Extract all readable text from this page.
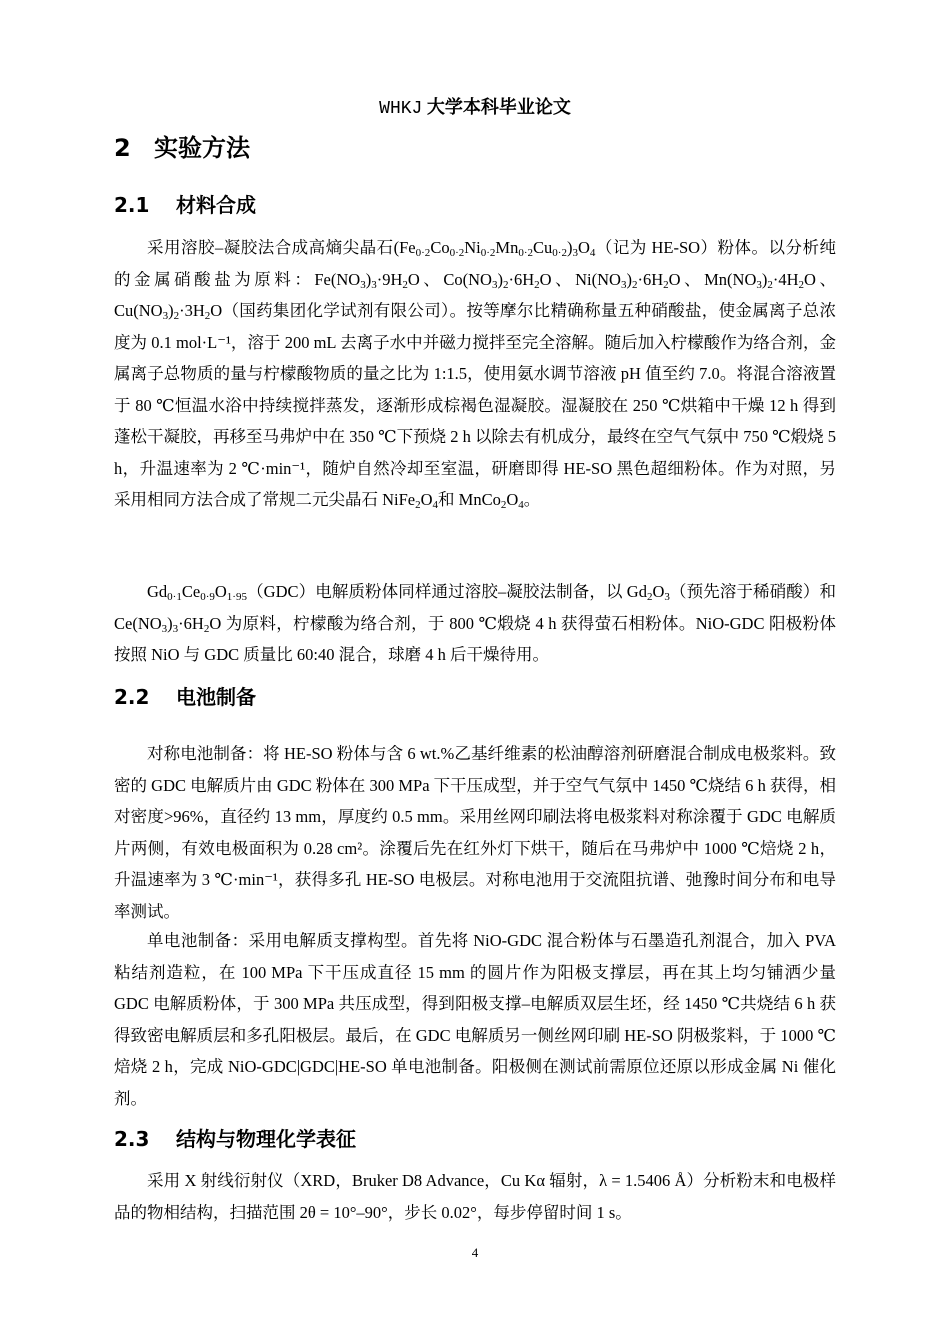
WHKJ 大学本科毕业论文
2 实验方法
2.1 材料合成

采用溶胶–凝胶法合成高熵尖晶石$(Fe_{0\cdot 2}Co_{0\cdot 2}Ni_{0\cdot 2}Mn_{0\cdot 2}Cu_{0\cdot 2})_3O_4$（记为 HE-SO）粉体。以分析纯的金属硝酸盐为原料：$Fe(NO_3)_3\cdot 9H_2O$、$Co(NO_3)_2\cdot 6H_2O$、$Ni(NO_3)_2\cdot 6H_2O$、$Mn(NO_3)_2\cdot 4H_2O$、$Cu(NO_3)_2\cdot 3H_2O$（国药集团化学试剂有限公司）。按等摩尔比精确称量五种硝酸盐，使金属离子总浓度为 0.1 mol·L⁻¹，溶于 200 mL 去离子水中并磁力搅拌至完全溶解。随后加入柠檬酸作为络合剂，金属离子总物质的量与柠檬酸物质的量之比为 1:1.5，使用氨水调节溶液 pH 值至约 7.0。将混合溶液置于 80 ℃恒温水浴中持续搅拌蒸发，逐渐形成棕褐色湿凝胶。湿凝胶在 250 ℃烘箱中干燥 12 h 得到蓬松干凝胶，再移至马弗炉中在 350 ℃下预烧 2 h 以除去有机成分，最终在空气气氛中 750 ℃煅烧 5 h，升温速率为 2 ℃·min⁻¹，随炉自然冷却至室温，研磨即得 HE-SO 黑色超细粉体。作为对照，另采用相同方法合成了常规二元尖晶石 $NiFe_2O_4$和 $MnCo_2O_4$。

$Gd_{0\cdot 1}Ce_{0\cdot 9}O_{1\cdot 95}(GDC)$电解质粉体同样通过溶胶–凝胶法制备，以 $Gd_2O_3$（预先溶于稀硝酸）和 $Ce(NO_3)_3\cdot 6H_2O$ 为原料，柠檬酸为络合剂，于 800 ℃煅烧 4 h 获得萤石相粉体。NiO-GDC 阳极粉体按照 NiO 与 GDC 质量比 60:40 混合，球磨 4 h 后干燥待用。

2.2 电池制备

对称电池制备：将 HE-SO 粉体与含 6 wt.%乙基纤维素的松油醇溶剂研磨混合制成电极浆料。致密的 GDC 电解质片由 GDC 粉体在 300 MPa 下干压成型，并于空气气氛中 1450 ℃烧结 6 h 获得，相对密度>96%，直径约 13 mm，厚度约 0.5 mm。采用丝网印刷法将电极浆料对称涂覆于 GDC 电解质片两侧，有效电极面积为 0.28 cm²。涂覆后先在红外灯下烘干，随后在马弗炉中 1000 ℃焙烧 2 h，升温速率为 3 ℃·min⁻¹，获得多孔 HE-SO 电极层。对称电池用于交流阻抗谱、弛豫时间分布和电导率测试。

单电池制备：采用电解质支撑构型。首先将 NiO-GDC 混合粉体与石墨造孔剂混合，加入 PVA 粘结剂造粒，在 100 MPa 下干压成直径 15 mm 的圆片作为阳极支撑层，再在其上均匀铺洒少量 GDC 电解质粉体，于 300 MPa 共压成型，得到阳极支撑–电解质双层生坯，经 1450 ℃共烧结 6 h 获得致密电解质层和多孔阳极层。最后，在 GDC 电解质另一侧丝网印刷 HE-SO 阴极浆料，于 1000 ℃焙烧 2 h，完成 NiO-GDC|GDC|HE-SO 单电池制备。阳极侧在测试前需原位还原以形成金属 Ni 催化剂。

2.3 结构与物理化学表征

采用 X 射线衍射仪（XRD，Bruker D8 Advance，Cu Kα 辐射，λ = 1.5406 Å）分析粉末和电极样品的物相结构，扫描范围 2θ = 10°–90°，步长 0.02°，每步停留时间 1 s。

4
